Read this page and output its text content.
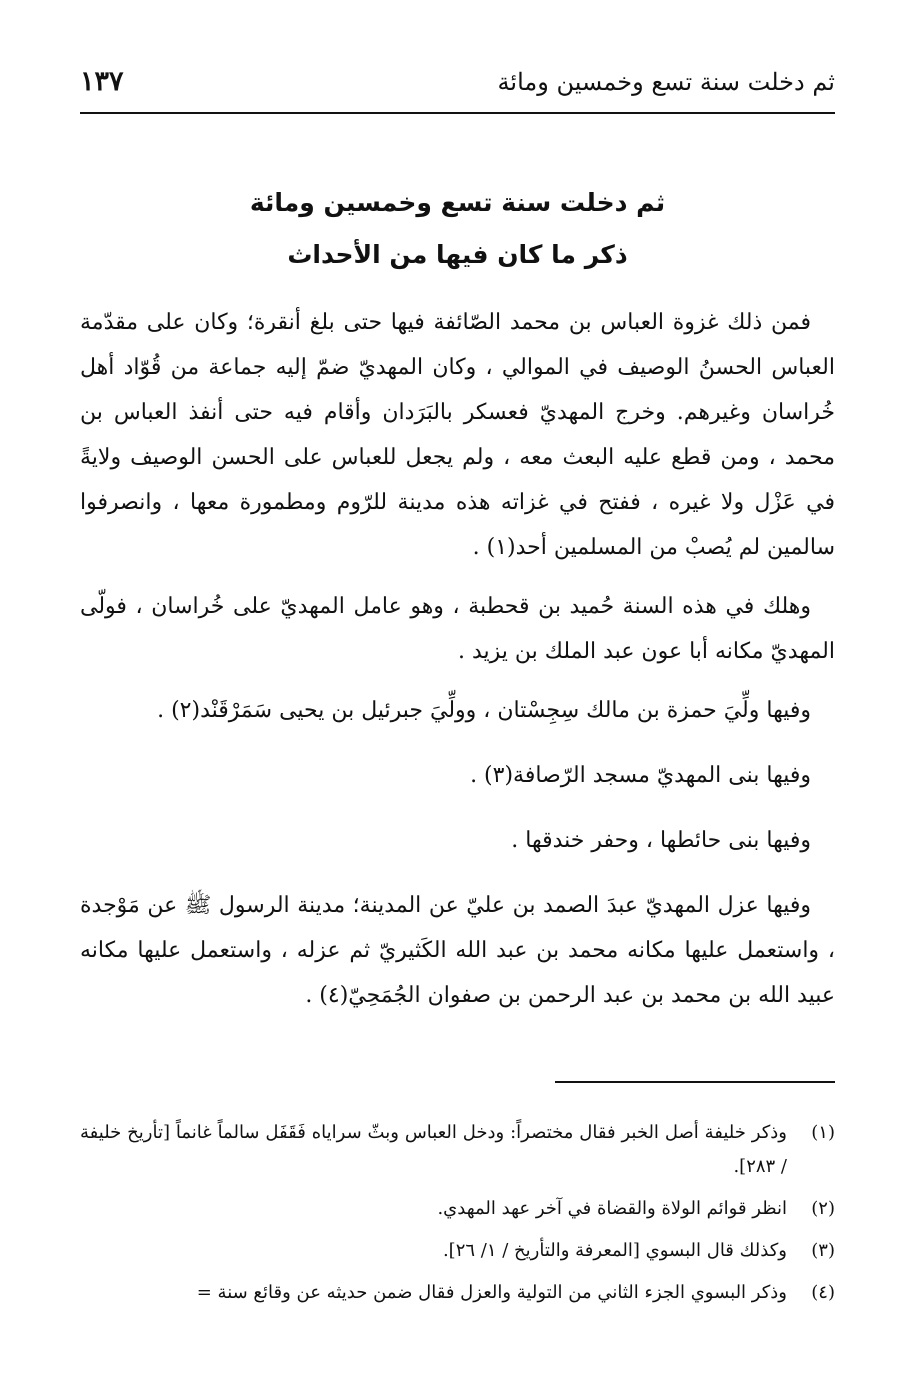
ثم دخلت سنة تسع وخمسين ومائة
١٣٧
ثم دخلت سنة تسع وخمسين ومائة
ذكر ما كان فيها من الأحداث

فمن ذلك غزوة العباس بن محمد الصّائفة فيها حتى بلغ أنقرة؛ وكان على مقدّمة العباس الحسنُ الوصيف في الموالي ، وكان المهديّ ضمّ إليه جماعة من قُوّاد أهل خُراسان وغيرهم. وخرج المهديّ فعسكر بالبَرَدان وأقام فيه حتى أنفذ العباس بن محمد ، ومن قطع عليه البعث معه ، ولم يجعل للعباس على الحسن الوصيف ولايةً في عَزْل ولا غيره ، ففتح في غزاته هذه مدينة للرّوم ومطمورة معها ، وانصرفوا سالمين لم يُصبْ من المسلمين أحد(١) .

وهلك في هذه السنة حُميد بن قحطبة ، وهو عامل المهديّ على خُراسان ، فولّى المهديّ مكانه أبا عون عبد الملك بن يزيد .

وفيها ولِّيَ حمزة بن مالك سِجِسْتان ، وولِّيَ جبرئيل بن يحيى سَمَرْقَنْد(٢) .

وفيها بنى المهديّ مسجد الرّصافة(٣) .

وفيها بنى حائطها ، وحفر خندقها .

وفيها عزل المهديّ عبدَ الصمد بن عليّ عن المدينة؛ مدينة الرسول ﷺ عن مَوْجدة ، واستعمل عليها مكانه محمد بن عبد الله الكَثيريّ ثم عزله ، واستعمل عليها مكانه عبيد الله بن محمد بن عبد الرحمن بن صفوان الجُمَحِيّ(٤) .

(١)
وذكر خليفة أصل الخبر فقال مختصراً: ودخل العباس وبثّ سراياه فَقَفَل سالماً غانماً [تأريخ خليفة / ٢٨٣].
(٢)
انظر قوائم الولاة والقضاة في آخر عهد المهدي.
(٣)
وكذلك قال البسوي [المعرفة والتأريخ / ١/ ٢٦].
(٤)
وذكر البسوي الجزء الثاني من التولية والعزل فقال ضمن حديثه عن وقائع سنة =
